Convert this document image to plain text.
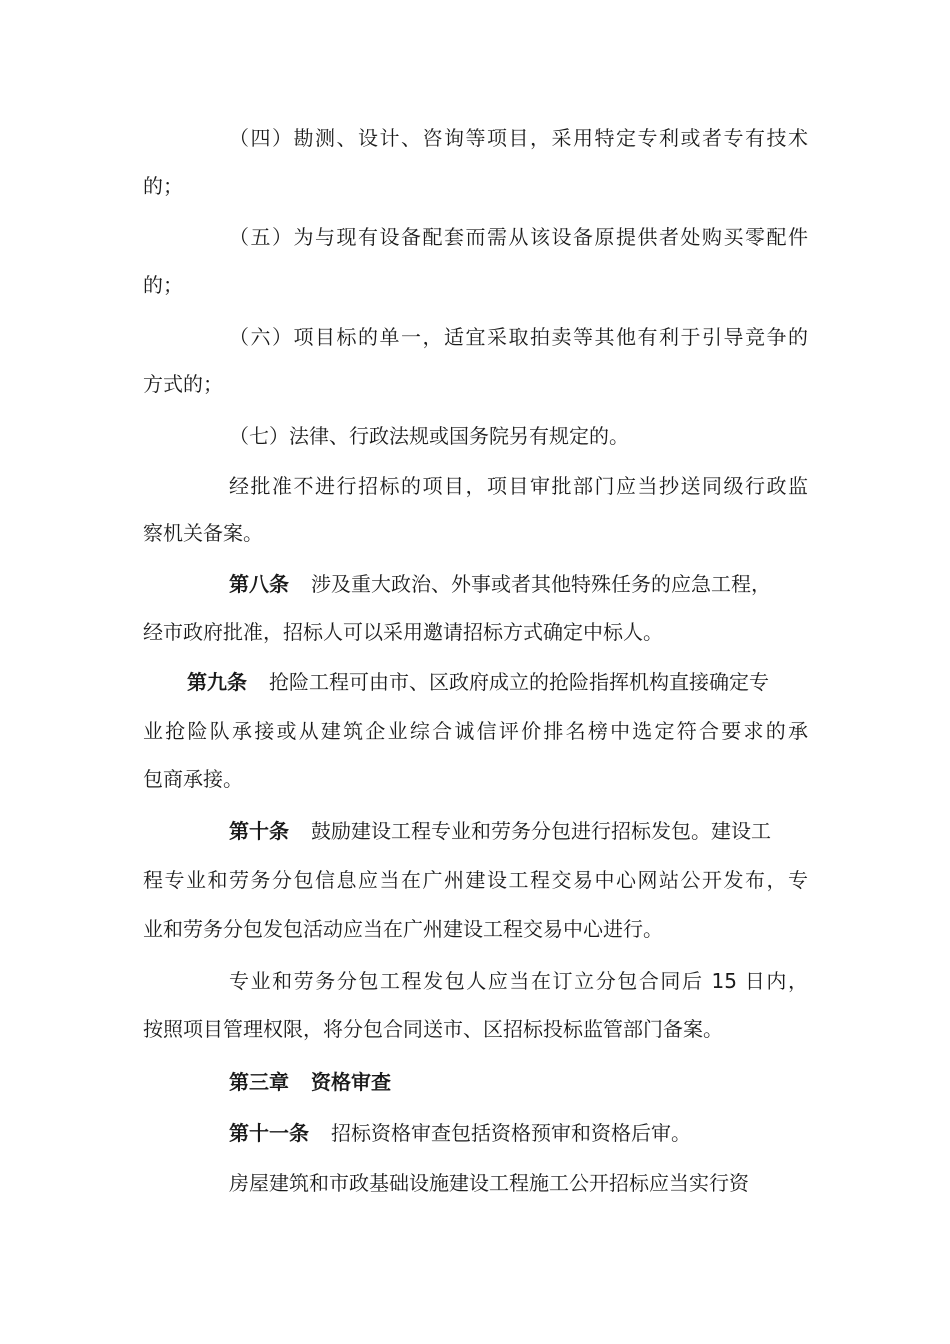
（四）勘测、设计、咨询等项目，采用特定专利或者专有技术
的；
（五）为与现有设备配套而需从该设备原提供者处购买零配件
的；
（六）项目标的单一，适宜采取拍卖等其他有利于引导竞争的
方式的；
（七）法律、行政法规或国务院另有规定的。
经批准不进行招标的项目，项目审批部门应当抄送同级行政监
察机关备案。
第八条 涉及重大政治、外事或者其他特殊任务的应急工程，
经市政府批准，招标人可以采用邀请招标方式确定中标人。
第九条 抢险工程可由市、区政府成立的抢险指挥机构直接确定专
业抢险队承接或从建筑企业综合诚信评价排名榜中选定符合要求的承
包商承接。
第十条 鼓励建设工程专业和劳务分包进行招标发包。建设工
程专业和劳务分包信息应当在广州建设工程交易中心网站公开发布，专
业和劳务分包发包活动应当在广州建设工程交易中心进行。
专业和劳务分包工程发包人应当在订立分包合同后 15 日内，
按照项目管理权限，将分包合同送市、区招标投标监管部门备案。
第三章 资格审查
第十一条 招标资格审查包括资格预审和资格后审。
房屋建筑和市政基础设施建设工程施工公开招标应当实行资
